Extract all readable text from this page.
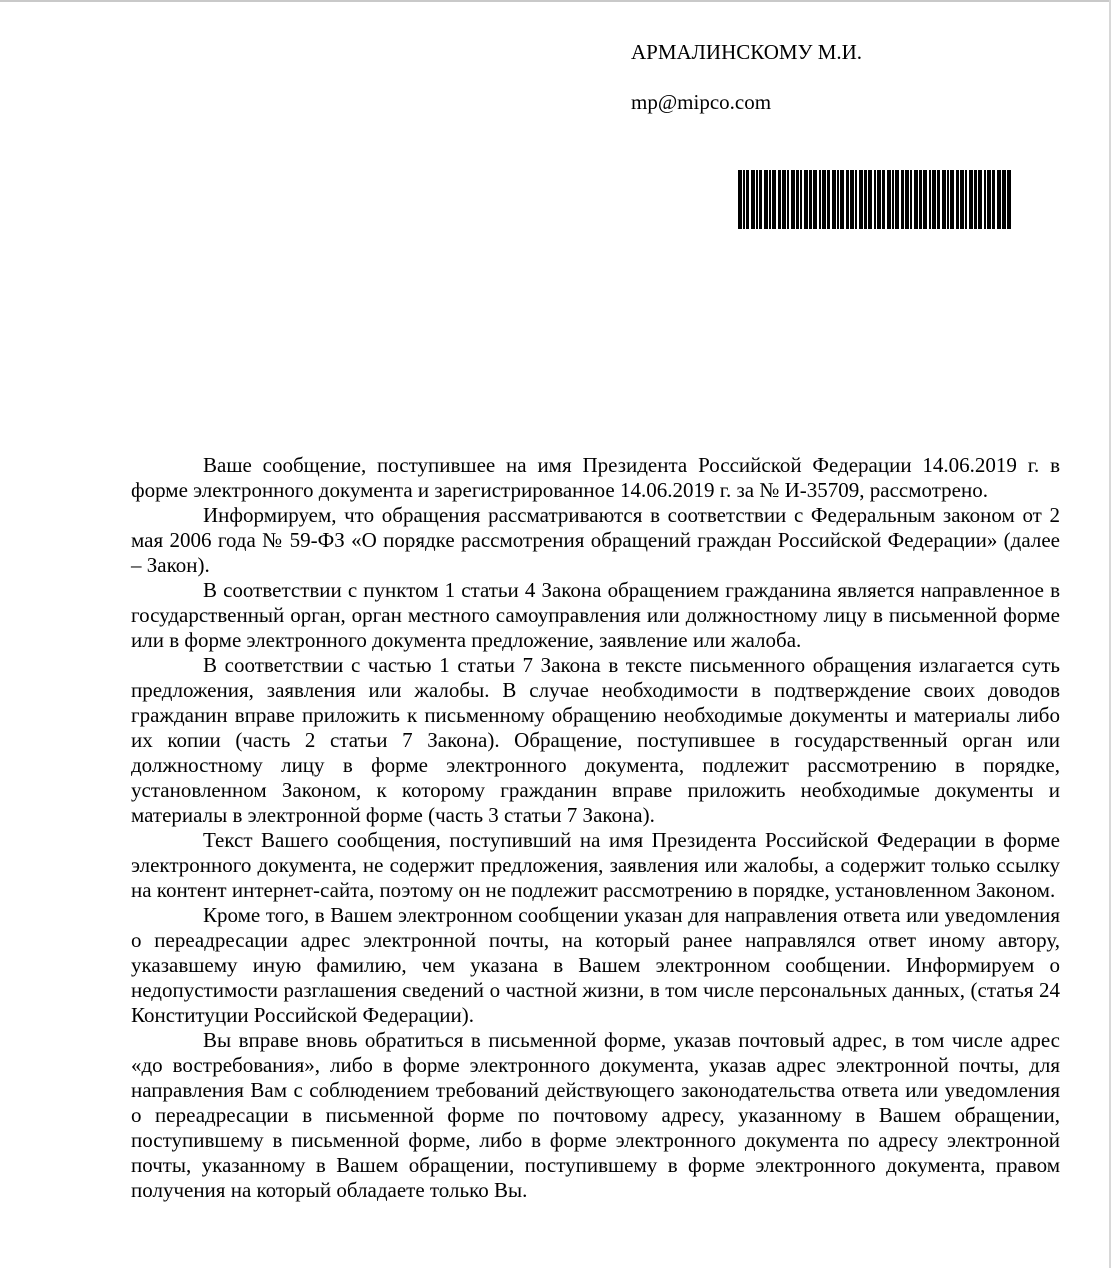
АРМАЛИНСКОМУ М.И.
mp@mipco.com

Ваше сообщение, поступившее на имя Президента Российской Федерации 14.06.2019 г. в форме электронного документа и зарегистрированное 14.06.2019 г. за № И-35709, рассмотрено.

Информируем, что обращения рассматриваются в соответствии с Федеральным законом от 2 мая 2006 года № 59-ФЗ «О порядке рассмотрения обращений граждан Российской Федерации» (далее – Закон).

В соответствии с пунктом 1 статьи 4 Закона обращением гражданина является направленное в государственный орган, орган местного самоуправления или должностному лицу в письменной форме или в форме электронного документа предложение, заявление или жалоба.

В соответствии с частью 1 статьи 7 Закона в тексте письменного обращения излагается суть предложения, заявления или жалобы. В случае необходимости в подтверждение своих доводов гражданин вправе приложить к письменному обращению необходимые документы и материалы либо их копии (часть 2 статьи 7 Закона). Обращение, поступившее в государственный орган или должностному лицу в форме электронного документа, подлежит рассмотрению в порядке, установленном Законом, к которому гражданин вправе приложить необходимые документы и материалы в электронной форме (часть 3 статьи 7 Закона).

Текст Вашего сообщения, поступивший на имя Президента Российской Федерации в форме электронного документа, не содержит предложения, заявления или жалобы, а содержит только ссылку на контент интернет-сайта, поэтому он не подлежит рассмотрению в порядке, установленном Законом.

Кроме того, в Вашем электронном сообщении указан для направления ответа или уведомления о переадресации адрес электронной почты, на который ранее направлялся ответ иному автору, указавшему иную фамилию, чем указана в Вашем электронном сообщении. Информируем о недопустимости разглашения сведений о частной жизни, в том числе персональных данных, (статья 24 Конституции Российской Федерации).

Вы вправе вновь обратиться в письменной форме, указав почтовый адрес, в том числе адрес «до востребования», либо в форме электронного документа, указав адрес электронной почты, для направления Вам с соблюдением требований действующего законодательства ответа или уведомления о переадресации в письменной форме по почтовому адресу, указанному в Вашем обращении, поступившему в письменной форме, либо в форме электронного документа по адресу электронной почты, указанному в Вашем обращении, поступившему в форме электронного документа, правом получения на который обладаете только Вы.
